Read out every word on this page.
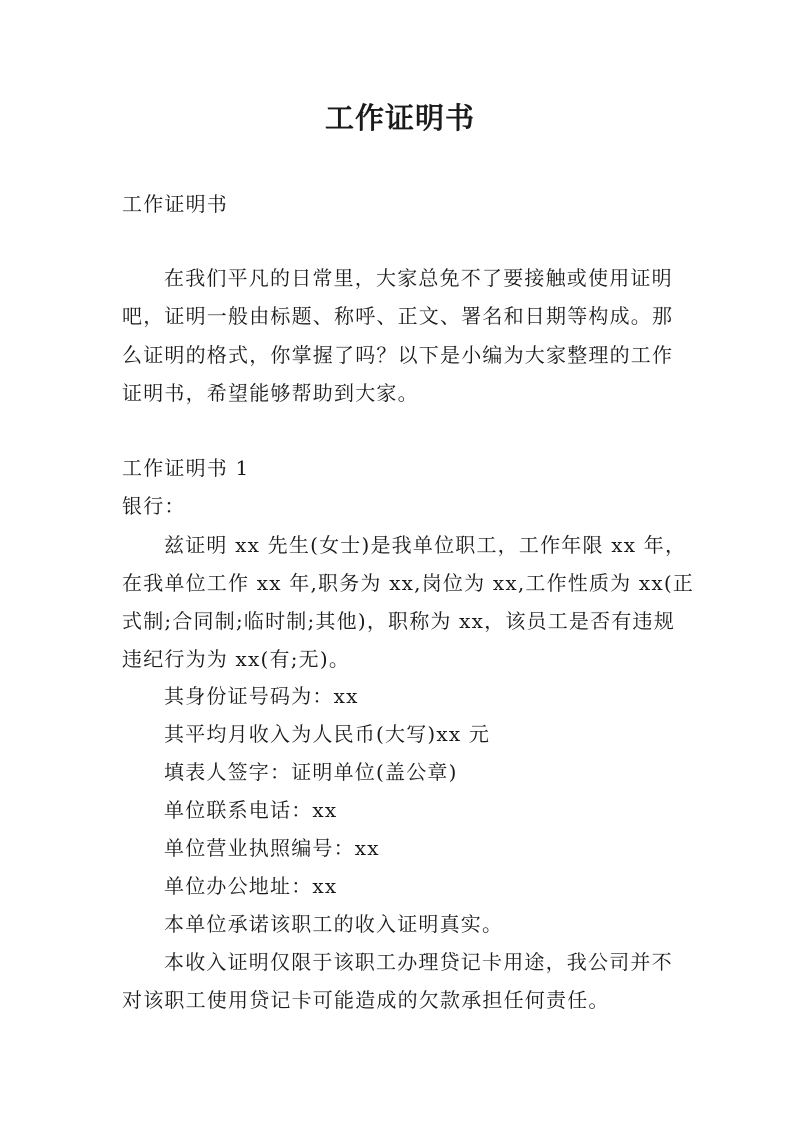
工作证明书
工作证明书
在我们平凡的日常里，大家总免不了要接触或使用证明
吧，证明一般由标题、称呼、正文、署名和日期等构成。那
么证明的格式，你掌握了吗？以下是小编为大家整理的工作
证明书，希望能够帮助到大家。
工作证明书 1
银行：
兹证明 xx 先生(女士)是我单位职工，工作年限 xx 年，
在我单位工作 xx 年,职务为 xx,岗位为 xx,工作性质为 xx(正
式制;合同制;临时制;其他)，职称为 xx，该员工是否有违规
违纪行为为 xx(有;无)。
其身份证号码为：xx
其平均月收入为人民币(大写)xx 元
填表人签字：证明单位(盖公章)
单位联系电话：xx
单位营业执照编号：xx
单位办公地址：xx
本单位承诺该职工的收入证明真实。
本收入证明仅限于该职工办理贷记卡用途，我公司并不
对该职工使用贷记卡可能造成的欠款承担任何责任。
